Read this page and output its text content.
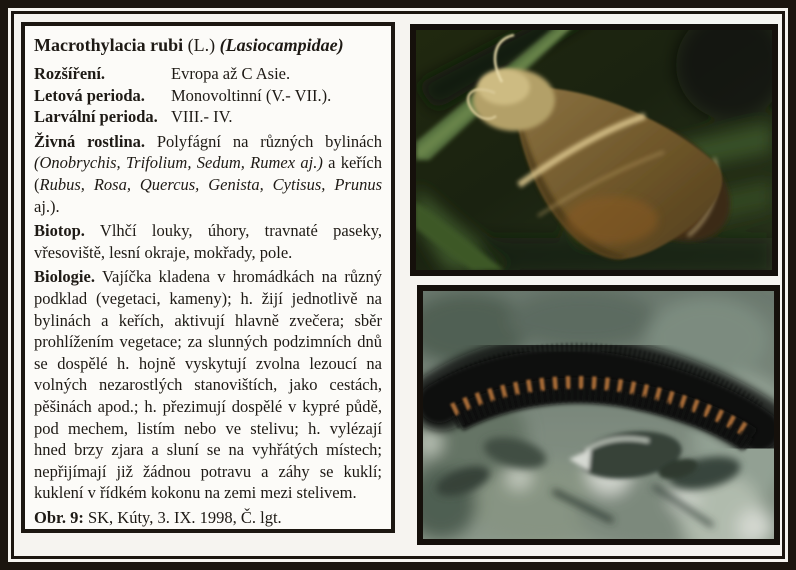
Macrothylacia rubi (L.) (Lasiocampidae)

Rozšíření.	Evropa až C Asie.
Letová perioda.	Monovoltinní (V.- VII.).
Larvální perioda. VIII.- IV.

Živná rostlina. Polyfágní na různých bylinách (Onobrychis, Trifolium, Sedum, Rumex aj.) a keřích (Rubus, Rosa, Quercus, Genista, Cytisus, Prunus aj.).

Biotop. Vlhčí louky, úhory, travnaté paseky, vřesoviště, lesní okraje, mokřady, pole.

Biologie. Vajíčka kladena v hromádkách na různý podklad (vegetaci, kameny); h. žijí jednotlivě na bylinách a keřích, aktivují hlavně zvečera; sběr prohlížením vegetace; za slunných podzimních dnů se dospělé h. hojně vyskytují zvolna lezoucí na volných nezarostlých stanovištích, jako cestách, pěšinách apod.; h. přezimují dospělé v kypré půdě, pod mechem, listím nebo ve stelivu; h. vylézají hned brzy zjara a sluní se na vyhřátých místech; nepřijímají již žádnou potravu a záhy se kuklí; kuklení v řídkém kokonu na zemi mezi stelivem.

Obr. 9: SK, Kúty, 3. IX. 1998, Č. lgt.
